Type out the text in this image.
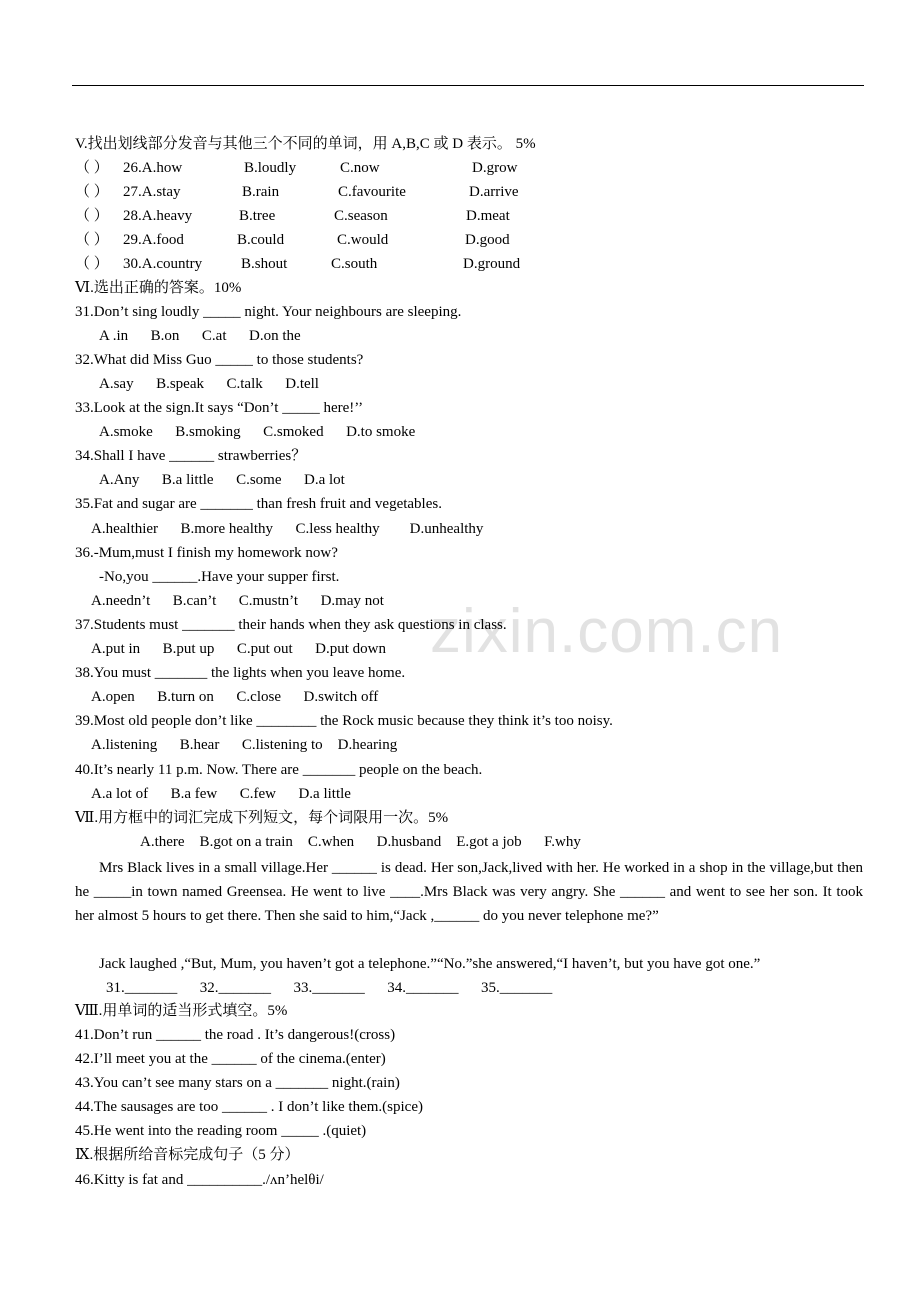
zixin.com.cn
V.找出划线部分发音与其他三个不同的单词，用 A,B,C 或 D 表示。 5%
（ ） 26.A.how	B.loudly	C.now	D.grow
（ ） 27.A.stay	B.rain	C.favourite	D.arrive
（ ） 28.A.heavy	B.tree	C.season	D.meat
（ ） 29.A.food	B.could	C.would	D.good
（ ） 30.A.country	B.shout	C.south	D.ground
Ⅵ.选出正确的答案。10%
31.Don’t sing loudly _____ night. Your neighbours are sleeping.
A .in      B.on      C.at      D.on the
32.What did Miss Guo _____ to those students?
A.say      B.speak      C.talk      D.tell
33.Look at the sign.It says “Don’t _____ here!’’
A.smoke      B.smoking      C.smoked      D.to smoke
34.Shall I have ______ strawberries？
A.Any      B.a little      C.some      D.a lot
35.Fat and sugar are _______ than fresh fruit and vegetables.
A.healthier      B.more healthy      C.less healthy        D.unhealthy
36.-Mum,must I finish my homework now?
-No,you ______.Have your supper first.
A.needn’t      B.can’t      C.mustn’t      D.may not
37.Students must _______ their hands when they ask questions in class.
A.put in      B.put up      C.put out      D.put down
38.You must _______ the lights when you leave home.
A.open      B.turn on      C.close      D.switch off
39.Most old people don’t like ________ the Rock music because they think it’s too noisy.
A.listening      B.hear      C.listening to    D.hearing
40.It’s nearly 11 p.m. Now. There are _______ people on the beach.
A.a lot of      B.a few      C.few      D.a little
Ⅶ.用方框中的词汇完成下列短文，每个词限用一次。5%
A.there    B.got on a train    C.when      D.husband    E.got a job      F.why
Mrs Black lives in a small village.Her ______ is dead. Her son,Jack,lived with her. He worked in a shop in the village,but then he _____in town named Greensea. He went to live ____.Mrs Black was very angry. She ______ and went to see her son. It took her almost 5 hours to get there. Then she said to him,“Jack ,______ do you never telephone me?”
Jack laughed ,“But, Mum, you haven’t got a telephone.”“No.”she answered,“I haven’t, but you have got one.”
31._______      32._______      33._______      34._______      35._______
Ⅷ.用单词的适当形式填空。5%
41.Don’t run ______ the road . It’s dangerous!(cross)
42.I’ll meet you at the ______ of the cinema.(enter)
43.You can’t see many stars on a _______ night.(rain)
44.The sausages are too ______ . I don’t like them.(spice)
45.He went into the reading room _____ .(quiet)
Ⅸ.根据所给音标完成句子（5 分）
46.Kitty is fat and __________./ʌn’helθi/
